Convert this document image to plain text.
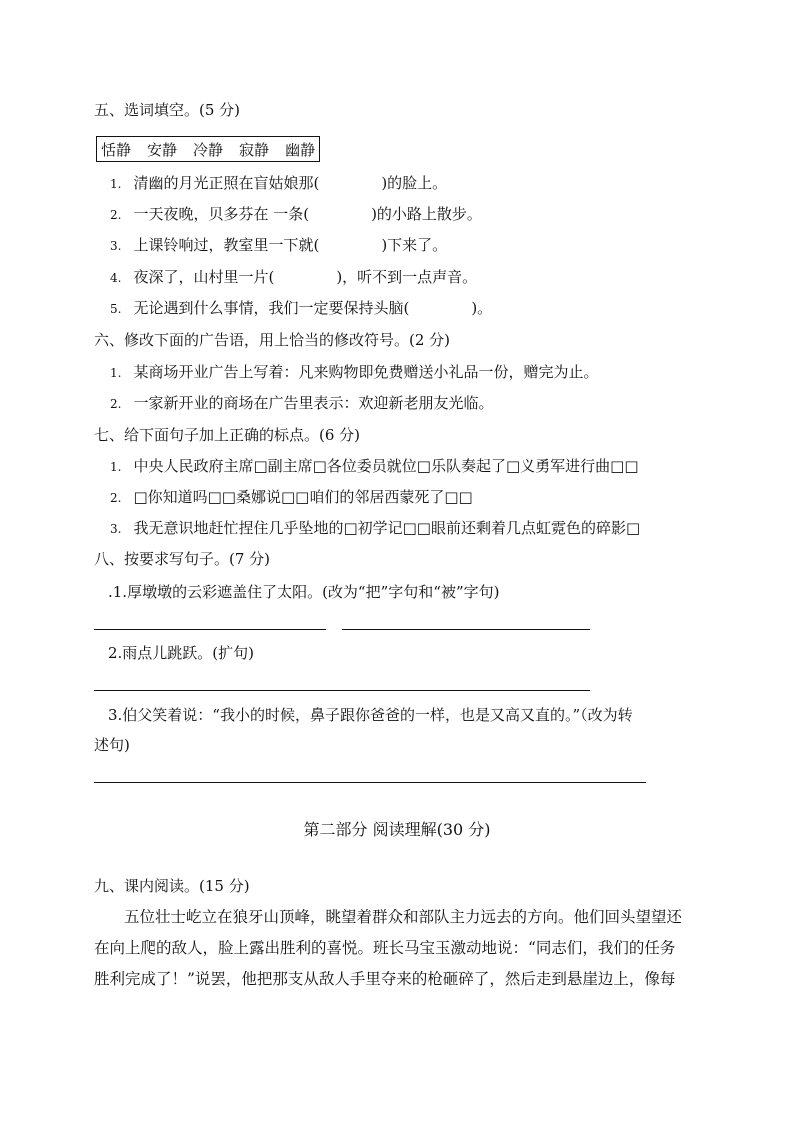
五、选词填空。(5 分)
恬静 安静 冷静 寂静 幽静
1. 清幽的月光正照在盲姑娘那(	)的脸上。
2. 一天夜晚，贝多芬在 一条(	)的小路上散步。
3. 上课铃响过，教室里一下就(	)下来了。
4. 夜深了，山村里一片(	)，听不到一点声音。
5. 无论遇到什么事情，我们一定要保持头脑(	)。
六、修改下面的广告语，用上恰当的修改符号。(2 分)
1. 某商场开业广告上写着：凡来购物即免费赠送小礼品一份，赠完为止。
2. 一家新开业的商场在广告里表示：欢迎新老朋友光临。
七、给下面句子加上正确的标点。(6 分)
1. 中央人民政府主席□副主席□各位委员就位□乐队奏起了□义勇军进行曲□□
2. □你知道吗□□桑娜说□□咱们的邻居西蒙死了□□
3. 我无意识地赶忙捏住几乎坠地的□初学记□□眼前还剩着几点虹霓色的碎影□
八、按要求写句子。(7 分)
.1.厚墩墩的云彩遮盖住了太阳。(改为“把”字句和“被”字句)
2.雨点儿跳跃。(扩句)
3.伯父笑着说：“我小的时候，鼻子跟你爸爸的一样，也是又高又直的。”（改为转
述句)
第二部分 阅读理解(30 分)
九、课内阅读。(15 分)
五位壮士屹立在狼牙山顶峰，眺望着群众和部队主力远去的方向。他们回头望望还
在向上爬的敌人，脸上露出胜利的喜悦。班长马宝玉激动地说：“同志们，我们的任务
胜利完成了！”说罢，他把那支从敌人手里夺来的枪砸碎了，然后走到悬崖边上，像每
